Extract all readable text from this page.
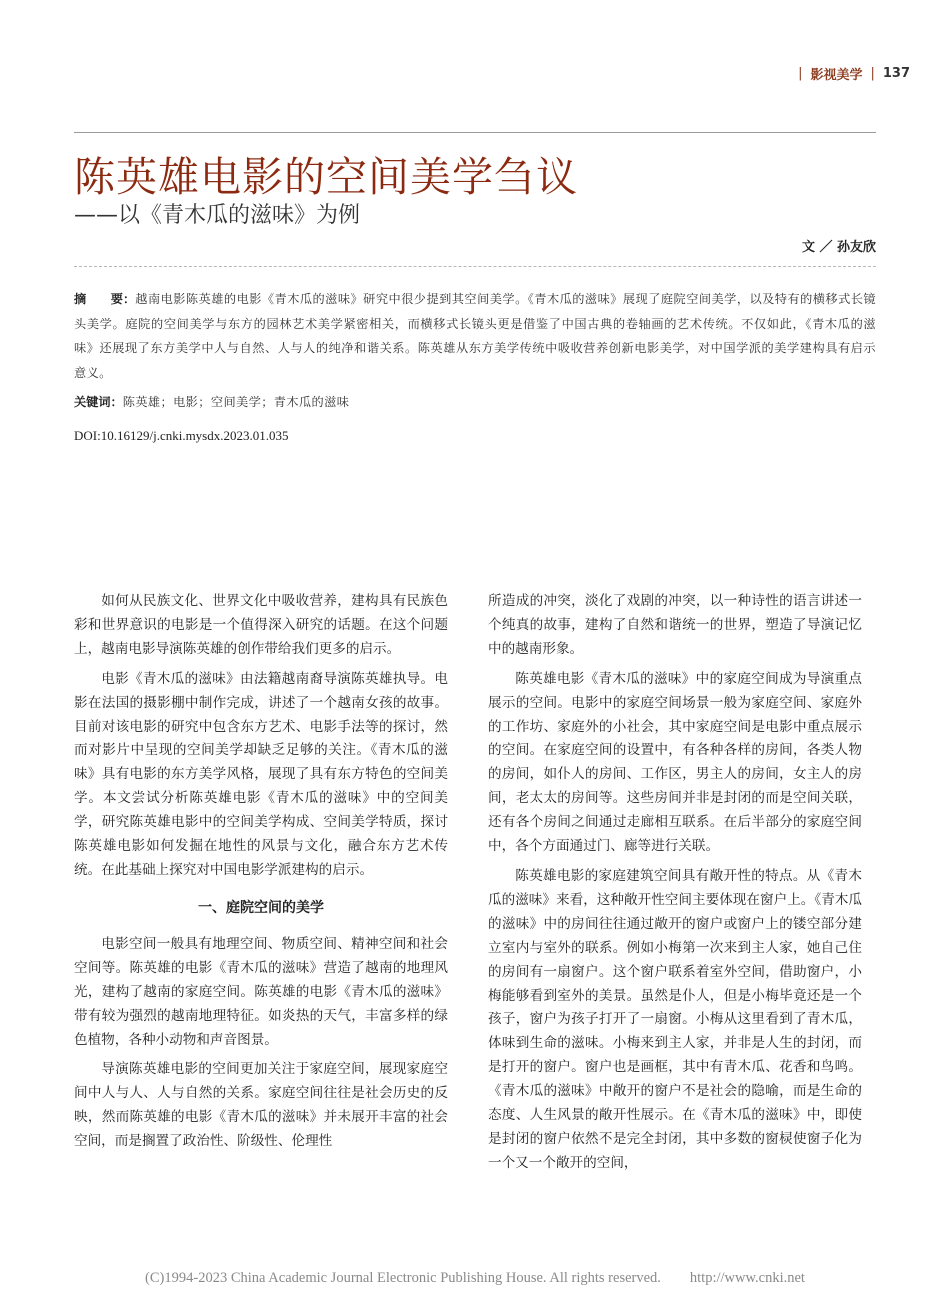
| 影视美学 | 137
陈英雄电影的空间美学刍议
——以《青木瓜的滋味》为例
文 ／ 孙友欣
摘　　要：越南电影陈英雄的电影《青木瓜的滋味》研究中很少提到其空间美学。《青木瓜的滋味》展现了庭院空间美学，以及特有的横移式长镜头美学。庭院的空间美学与东方的园林艺术美学紧密相关，而横移式长镜头更是借鉴了中国古典的卷轴画的艺术传统。不仅如此，《青木瓜的滋味》还展现了东方美学中人与自然、人与人的纯净和谐关系。陈英雄从东方美学传统中吸收营养创新电影美学，对中国学派的美学建构具有启示意义。
关键词：陈英雄；电影；空间美学；青木瓜的滋味
DOI:10.16129/j.cnki.mysdx.2023.01.035

如何从民族文化、世界文化中吸收营养，建构具有民族色彩和世界意识的电影是一个值得深入研究的话题。在这个问题上，越南电影导演陈英雄的创作带给我们更多的启示。

电影《青木瓜的滋味》由法籍越南裔导演陈英雄执导。电影在法国的摄影棚中制作完成，讲述了一个越南女孩的故事。目前对该电影的研究中包含东方艺术、电影手法等的探讨，然而对影片中呈现的空间美学却缺乏足够的关注。《青木瓜的滋味》具有电影的东方美学风格，展现了具有东方特色的空间美学。本文尝试分析陈英雄电影《青木瓜的滋味》中的空间美学，研究陈英雄电影中的空间美学构成、空间美学特质，探讨陈英雄电影如何发掘在地性的风景与文化，融合东方艺术传统。在此基础上探究对中国电影学派建构的启示。

一、庭院空间的美学

电影空间一般具有地理空间、物质空间、精神空间和社会空间等。陈英雄的电影《青木瓜的滋味》营造了越南的地理风光，建构了越南的家庭空间。陈英雄的电影《青木瓜的滋味》带有较为强烈的越南地理特征。如炎热的天气，丰富多样的绿色植物，各种小动物和声音图景。

导演陈英雄电影的空间更加关注于家庭空间，展现家庭空间中人与人、人与自然的关系。家庭空间往往是社会历史的反映，然而陈英雄的电影《青木瓜的滋味》并未展开丰富的社会空间，而是搁置了政治性、阶级性、伦理性

所造成的冲突，淡化了戏剧的冲突，以一种诗性的语言讲述一个纯真的故事，建构了自然和谐统一的世界，塑造了导演记忆中的越南形象。

陈英雄电影《青木瓜的滋味》中的家庭空间成为导演重点展示的空间。电影中的家庭空间场景一般为家庭空间、家庭外的工作坊、家庭外的小社会，其中家庭空间是电影中重点展示的空间。在家庭空间的设置中，有各种各样的房间，各类人物的房间，如仆人的房间、工作区，男主人的房间，女主人的房间，老太太的房间等。这些房间并非是封闭的而是空间关联，还有各个房间之间通过走廊相互联系。在后半部分的家庭空间中，各个方面通过门、廊等进行关联。

陈英雄电影的家庭建筑空间具有敞开性的特点。从《青木瓜的滋味》来看，这种敞开性空间主要体现在窗户上。《青木瓜的滋味》中的房间往往通过敞开的窗户或窗户上的镂空部分建立室内与室外的联系。例如小梅第一次来到主人家，她自己住的房间有一扇窗户。这个窗户联系着室外空间，借助窗户，小梅能够看到室外的美景。虽然是仆人，但是小梅毕竟还是一个孩子，窗户为孩子打开了一扇窗。小梅从这里看到了青木瓜，体味到生命的滋味。小梅来到主人家，并非是人生的封闭，而是打开的窗户。窗户也是画框，其中有青木瓜、花香和鸟鸣。《青木瓜的滋味》中敞开的窗户不是社会的隐喻，而是生命的态度、人生风景的敞开性展示。在《青木瓜的滋味》中，即使是封闭的窗户依然不是完全封闭，其中多数的窗棂使窗子化为一个又一个敞开的空间，

(C)1994-2023 China Academic Journal Electronic Publishing House. All rights reserved.　　http://www.cnki.net
